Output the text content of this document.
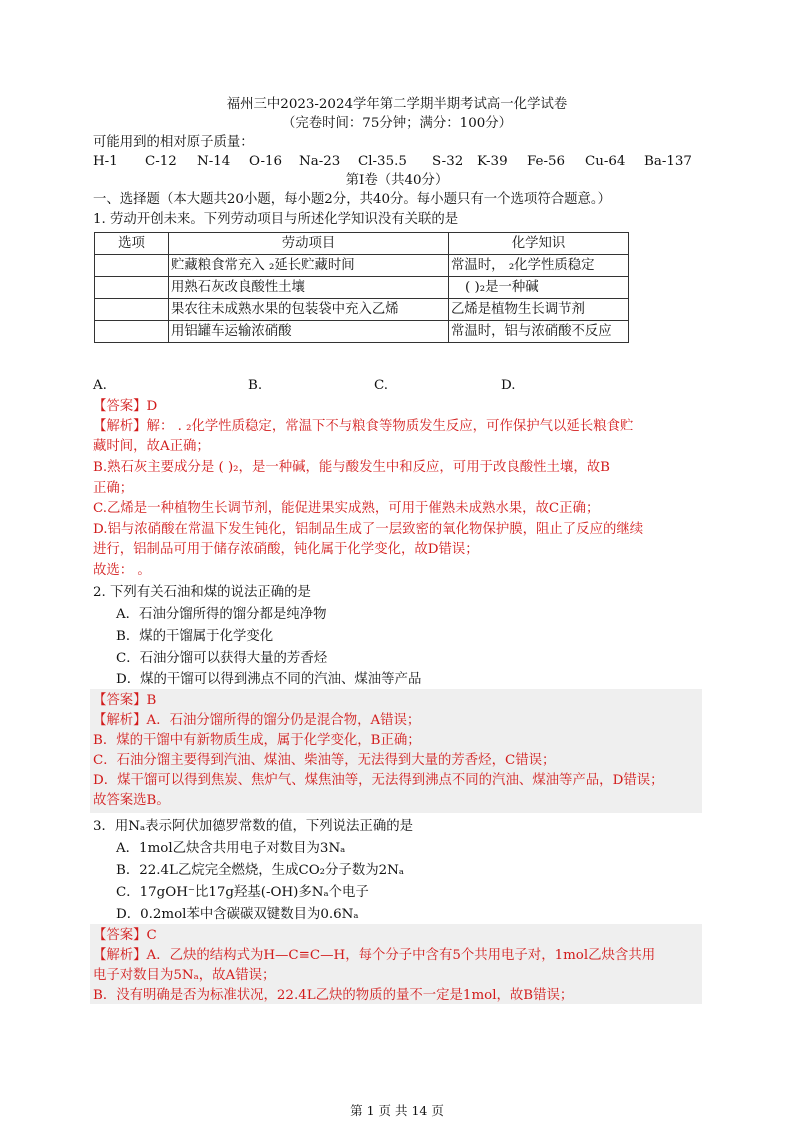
福州三中2023-2024学年第二学期半期考试高一化学试卷
（完卷时间：75分钟；满分：100分）
可能用到的相对原子质量：
H-1 C-12 N-14 O-16 Na-23 Cl-35.5 S-32 K-39 Fe-56 Cu-64 Ba-137
第Ⅰ卷（共40分）
一、选择题（本大题共20小题，每小题2分，共40分。每小题只有一个选项符合题意。）
1. 劳动开创未来。下列劳动项目与所述化学知识没有关联的是
选项	劳动项目	化学知识
	贮藏粮食常充入 ₂延长贮藏时间	常温时， ₂化学性质稳定
	用熟石灰改良酸性土壤	( )₂是一种碱
	果农往未成熟水果的包装袋中充入乙烯	乙烯是植物生长调节剂
	用铝罐车运输浓硝酸	常温时，铝与浓硝酸不反应
A.	B.	C.	D.
【答案】D
【解析】解： . ₂化学性质稳定，常温下不与粮食等物质发生反应，可作保护气以延长粮食贮
藏时间，故A正确；
B.熟石灰主要成分是 ( )₂，是一种碱，能与酸发生中和反应，可用于改良酸性土壤，故B
正确；
C.乙烯是一种植物生长调节剂，能促进果实成熟，可用于催熟未成熟水果，故C正确；
D.铝与浓硝酸在常温下发生钝化，铝制品生成了一层致密的氧化物保护膜，阻止了反应的继续
进行，铝制品可用于储存浓硝酸，钝化属于化学变化，故D错误；
故选： 。
2. 下列有关石油和煤的说法正确的是
A．石油分馏所得的馏分都是纯净物
B．煤的干馏属于化学变化
C．石油分馏可以获得大量的芳香烃
D．煤的干馏可以得到沸点不同的汽油、煤油等产品
【答案】B
【解析】A．石油分馏所得的馏分仍是混合物，A错误；
B．煤的干馏中有新物质生成，属于化学变化，B正确；
C．石油分馏主要得到汽油、煤油、柴油等，无法得到大量的芳香烃，C错误；
D．煤干馏可以得到焦炭、焦炉气、煤焦油等，无法得到沸点不同的汽油、煤油等产品，D错误；
故答案选B。
3．用Nₐ表示阿伏加德罗常数的值，下列说法正确的是
A．1mol乙炔含共用电子对数目为3Nₐ
B．22.4L乙烷完全燃烧，生成CO₂分子数为2Nₐ
C．17gOH⁻比17g羟基(-OH)多Nₐ个电子
D．0.2mol苯中含碳碳双键数目为0.6Nₐ
【答案】C
【解析】A．乙炔的结构式为H—C≡C—H，每个分子中含有5个共用电子对，1mol乙炔含共用
电子对数目为5Nₐ，故A错误；
B．没有明确是否为标准状况，22.4L乙炔的物质的量不一定是1mol，故B错误；
第 1 页 共 14 页
